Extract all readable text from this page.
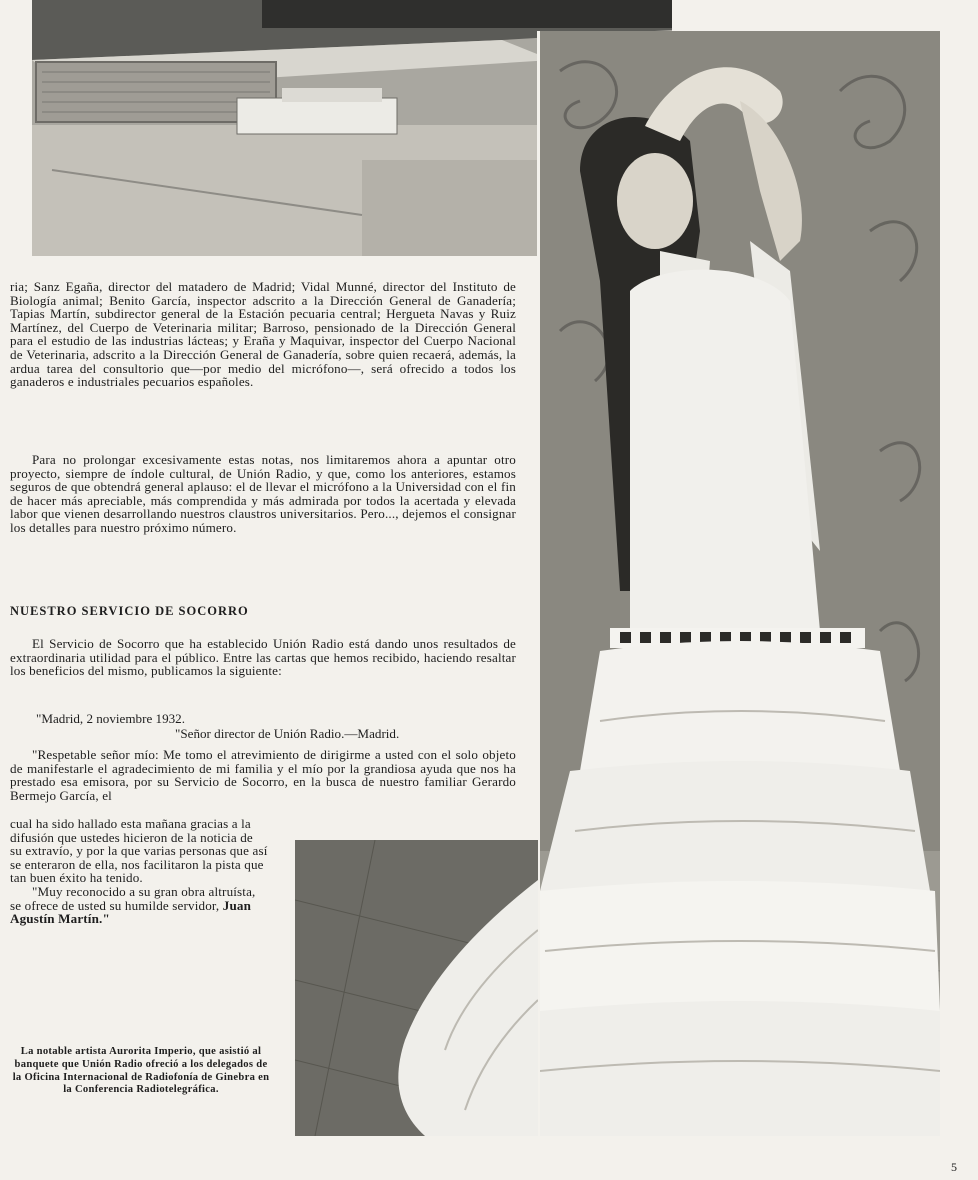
ria; Sanz Egaña, director del matadero de Madrid; Vidal Munné, director del Instituto de Biología animal; Benito García, inspector adscrito a la Dirección General de Ganadería; Tapias Martín, subdirector general de la Estación pecuaria central; Hergueta Navas y Ruiz Martínez, del Cuerpo de Veterinaria militar; Barroso, pensionado de la Dirección General para el estudio de las industrias lácteas; y Eraña y Maquivar, inspector del Cuerpo Nacional de Veterinaria, adscrito a la Dirección General de Ganadería, sobre quien recaerá, además, la ardua tarea del consultorio que—por medio del micrófono—, será ofrecido a todos los ganaderos e industriales pecuarios españoles.

Para no prolongar excesivamente estas notas, nos limitaremos ahora a apuntar otro proyecto, siempre de índole cultural, de Unión Radio, y que, como los anteriores, estamos seguros de que obtendrá general aplauso: el de llevar el micrófono a la Universidad con el fin de hacer más apreciable, más comprendida y más admirada por todos la acertada y elevada labor que vienen desarrollando nuestros claustros universitarios. Pero..., dejemos el consignar los detalles para nuestro próximo número.

NUESTRO SERVICIO DE SOCORRO

El Servicio de Socorro que ha establecido Unión Radio está dando unos resultados de extraordinaria utilidad para el público. Entre las cartas que hemos recibido, haciendo resaltar los beneficios del mismo, publicamos la siguiente:

"Madrid, 2 noviembre 1932.
"Señor director de Unión Radio.—Madrid.

"Respetable señor mío: Me tomo el atrevimiento de dirigirme a usted con el solo objeto de manifestarle el agradecimiento de mi familia y el mío por la grandiosa ayuda que nos ha prestado esa emisora, por su Servicio de Socorro, en la busca de nuestro familiar Gerardo Bermejo García, el

cual ha sido hallado esta mañana gracias a la difusión que ustedes hicieron de la noticia de su extravío, y por la que varias personas que así se enteraron de ella, nos facilitaron la pista que tan buen éxito ha tenido.

"Muy reconocido a su gran obra altruísta, se ofrece de usted su humilde servidor, Juan Agustín Martín."

La notable artista Aurorita Imperio, que asistió al banquete que Unión Radio ofreció a los delegados de la Oficina Internacional de Radiofonía de Ginebra en la Conferencia Radiotelegráfica.
5
